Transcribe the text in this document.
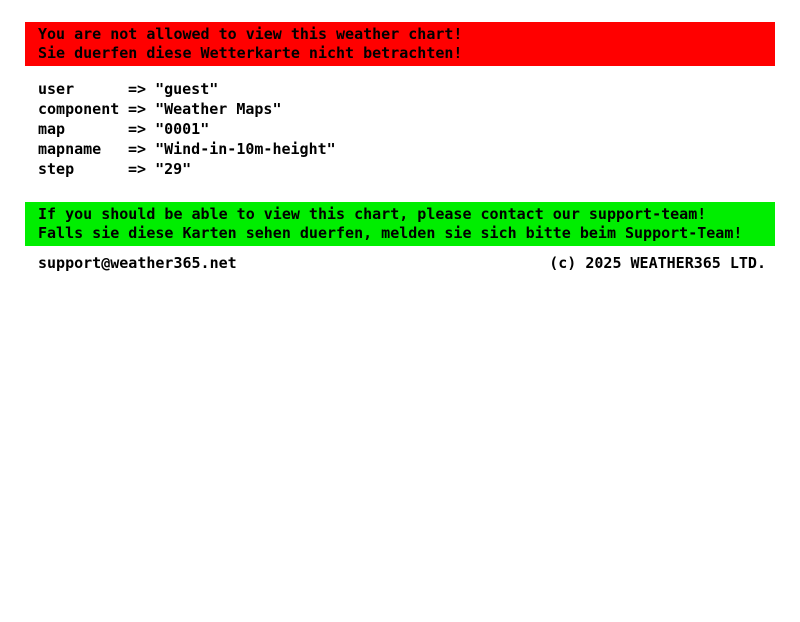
You are not allowed to view this weather chart!
Sie duerfen diese Wetterkarte nicht betrachten!
user	=> "guest"
component => "Weather Maps"
map	=> "0001"
mapname => "Wind-in-10m-height"
step	=> "29"
If you should be able to view this chart, please contact our support-team!
Falls sie diese Karten sehen duerfen, melden sie sich bitte beim Support-Team!
support@weather365.net	(c) 2025 WEATHER365 LTD.
